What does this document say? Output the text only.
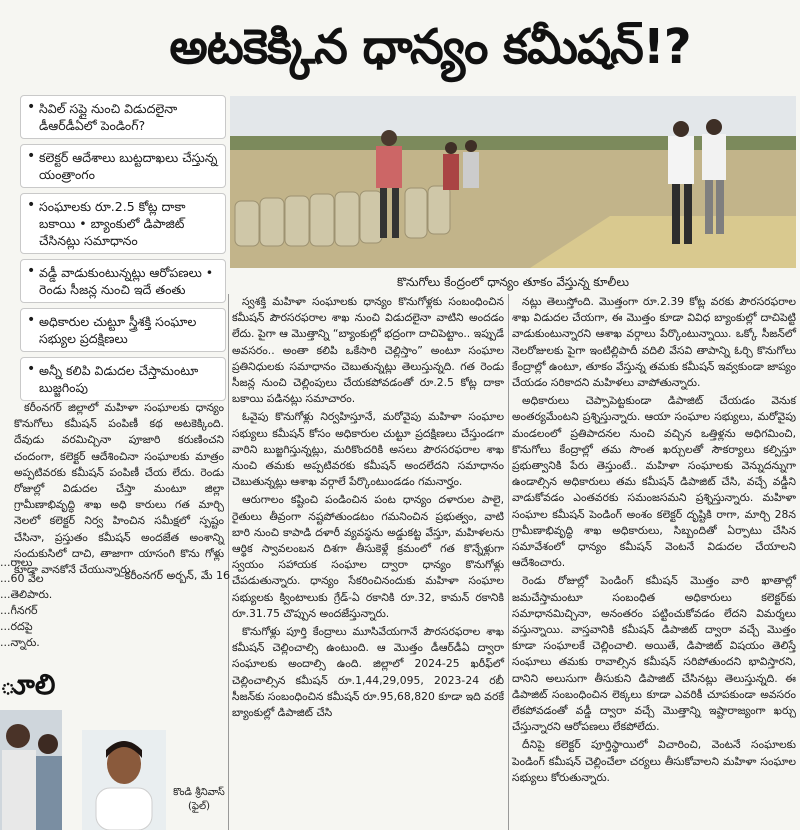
అటకెక్కిన ధాన్యం కమీషన్‌!?
• సివిల్ సప్లై నుంచి విడుదలైనా డీఆర్‌డీఏలో పెండింగ్‌?
• కలెక్టర్ ఆదేశాలు బుట్టదాఖలు చేస్తున్న యంత్రాంగం
• సంఘాలకు రూ.2.5 కోట్ల దాకా బకాయి • బ్యాంకులో డిపాజిట్ చేసినట్లు సమాధానం
• వడ్డీ వాడుకుంటున్నట్లు ఆరోపణలు • రెండు సీజన్ల నుంచి ఇదే తంతు
• అధికారుల చుట్టూ స్త్రీశక్తి సంఘాల సభ్యుల ప్రదక్షిణలు
• అన్నీ కలిపి విడుదల చేస్తామంటూ బుజ్జగింపు
కొనుగోలు కేంద్రంలో ధాన్యం తూకం వేస్తున్న కూలీలు

కరీంనగర్ జిల్లాలో మహిళా సంఘాలకు ధాన్యం కొనుగోలు కమీషన్ పంపిణీ కథ అటకెక్కింది. దేవుడు వరమిచ్చినా పూజారి కరుణించని చందంగా, కలెక్టర్ ఆదేశించినా సంఘాలకు మాత్రం అప్పటివరకు కమీషన్ పంపిణీ చేయ లేదు. రెండు రోజుల్లో విడుదల చేస్తా మంటూ జిల్లా గ్రామీణాభివృద్ధి శాఖ అధి కారులు గత మార్చి నెలలో కలెక్టర్ నిర్వ హించిన సమీక్షలో స్పష్టం చేసినా, ప్రస్తుతం కమీషన్ అందజేత అంశాన్ని సందుకుసిలో దాచి, తాజాగా యాసంగి కొను గోళ్లు కూడా వానకోనే చేయున్నారు.

...రాలు ...60 వేల ...తెలిపారు. ...గీనగర్ ...రదపై ...న్నారు.
-కరీంనగర్ అర్బన్, మే 16

స్వశక్తి మహిళా సంఘాలకు ధాన్యం కొనుగోళ్లకు సంబంధించిన కమీషన్ పౌరసరఫరాల శాఖ నుంచి విడుదలైనా వాటిని అందడం లేదు. పైగా ఆ మొత్తాన్ని “బ్యాంకుల్లో భద్రంగా దాచిపెట్టాం.. ఇప్పుడే అవసరం.. అంతా కలిపి ఒకేసారి చెల్లిస్తాం” అంటూ సంఘాల ప్రతినిధులకు సమాధానం చెబుతున్నట్లు తెలుస్తున్నది. గత రెండు సీజన్ల నుంచి చెల్లింపులు చేయకపోవడంతో రూ.2.5 కోట్ల దాకా బకాయి పడినట్లు సమాచారం.

ఓవైపు కొనుగోళ్లు నిర్వహిస్తూనే, మరోవైపు మహిళా సంఘాల సభ్యులు కమీషన్ కోసం అధికారుల చుట్టూ ప్రదక్షిణలు చేస్తుండగా వారిని బుజ్జగిస్తున్నట్లు, మరికొందరికి అసలు పౌరసరఫరాల శాఖ నుంచి తమకు అప్పటివరకు కమీషన్ అందలేదని సమాధానం చెబుతున్నట్లు ఆశాఖ వర్గాలే పేర్కొంటుండడం గమనార్హం.

ఆరుగాలం కష్టించి పండించిన పంట ధాన్యం దళారుల పాలై, రైతులు తీవ్రంగా నష్టపోతుండటం గమనించిన ప్రభుత్వం, వాటి బారి నుంచి కాపాడి దళారీ వ్యవస్థను అడ్డుకట్ట వేస్తూ, మహిళలను ఆర్థిక స్వావలంబన దిశగా తీసుకెళ్లే క్రమంలో గత కొన్నేళ్లుగా స్వయం సహాయక సంఘాల ద్వారా ధాన్యం కొనుగోళ్లు చేపడుతున్నారు. ధాన్యం సేకరించినందుకు మహిళా సంఘాల సభ్యులకు క్వింటాలుకు గ్రేడ్-ఏ రకానికి రూ.32, కామన్ రకానికి రూ.31.75 చొప్పున అందజేస్తున్నారు.

కొనుగోళ్లు పూర్తి కేంద్రాలు మూసివేయగానే పౌరసరఫరాల శాఖ కమీషన్ చెల్లించాల్సి ఉంటుంది. ఆ మొత్తం డీఆర్‌డీఏ ద్వారా సంఘాలకు అందాల్సి ఉంది. జిల్లాలో 2024-25 ఖరీఫ్‌లో చెల్లించాల్సిన కమీషన్ రూ.1,44,29,095, 2023-24 రబీ సీజన్‌కు సంబంధించిన కమీషన్ రూ.95,68,820 కూడా ఇది వరకే బ్యాంకుల్లో డిపాజిట్ చేసి

నట్లు తెలుస్తోంది. మొత్తంగా రూ.2.39 కోట్ల వరకు పౌరసరఫరాల శాఖ విడుదల చేయగా, ఈ మొత్తం కూడా వివిధ బ్యాంకుల్లో దాచిపెట్టి వాడుకుంటున్నారని ఆశాఖ వర్గాలు పేర్కొంటున్నాయి. ఒక్కో సీజన్‌లో నెలరోజులకు పైగా ఇంటిల్లిపాదీ వదిలి వేసవి తాపాన్ని ఓర్చి కొనుగోలు కేంద్రాల్లో ఉంటూ, తూకం వేస్తున్న తమకు కమీషన్ ఇవ్వకుండా జాప్యం చేయడం సరికాదని మహిళలు వాపోతున్నారు.

అధికారులు చెప్పాపెట్టకుండా డిపాజిట్ చేయడం వెనుక అంతర్యమేంటని ప్రశ్నిస్తున్నారు. ఆయా సంఘాల సభ్యులు, మరోవైపు మండలంలో ప్రతిపాదనల నుంచి వచ్చిన ఒత్తిళ్లను అధిగమించి, కొనుగోలు కేంద్రాల్లో తమ సొంత ఖర్చులతో సౌకర్యాలు కల్పిస్తూ ప్రభుత్వానికి పేరు తెస్తుంటే.. మహిళా సంఘాలకు వెన్నుదన్నుగా ఉండాల్సిన అధికారులు తమ కమీషన్ డిపాజిట్ చేసి, వచ్చే వడ్డీని వాడుకోవడం ఎంతవరకు సమంజసమని ప్రశ్నిస్తున్నారు. మహిళా సంఘాల కమీషన్ పెండింగ్ అంశం కలెక్టర్ దృష్టికి రాగా, మార్చి 28న గ్రామీణాభివృద్ధి శాఖ అధికారులు, సిబ్బందితో ఏర్పాటు చేసిన సమావేశంలో ధాన్యం కమీషన్ వెంటనే విడుదల చేయాలని ఆదేశించారు.

రెండు రోజుల్లో పెండింగ్ కమీషన్ మొత్తం వారి ఖాతాల్లో జమచేస్తామంటూ సంబంధిత అధికారులు కలెక్టర్‌కు సమాధానమిచ్చినా, అనంతరం పట్టించుకోవడం లేదని విమర్శలు వస్తున్నాయి. వాస్తవానికి కమీషన్ డిపాజిట్ ద్వారా వచ్చే మొత్తం కూడా సంఘాలకే చెల్లించాలి. అయితే, డిపాజిట్ విషయం తెలిస్తే సంఘాలు తమకు రావాల్సిన కమీషన్ సరిపోతుందని భావిస్తారని, దానిని అలుసుగా తీసుకుని డిపాజిట్ చేసినట్లు తెలుస్తున్నది. ఈ డిపాజిట్ సంబంధించిన లెక్కలు కూడా ఎవరికీ చూపకుండా అవసరం లేకపోవడంతో వడ్డీ ద్వారా వచ్చే మొత్తాన్ని ఇష్టారాజ్యంగా ఖర్చు చేస్తున్నారని ఆరోపణలు లేకపోలేదు.

దీనిపై కలెక్టర్ పూర్తిస్థాయిలో విచారించి, వెంటనే సంఘాలకు పెండింగ్ కమీషన్ చెల్లించేలా చర్యలు తీసుకోవాలని మహిళా సంఘాల సభ్యులు కోరుతున్నారు.

ూలి
కొండి శ్రీనివాస్ (ఫైల్)
